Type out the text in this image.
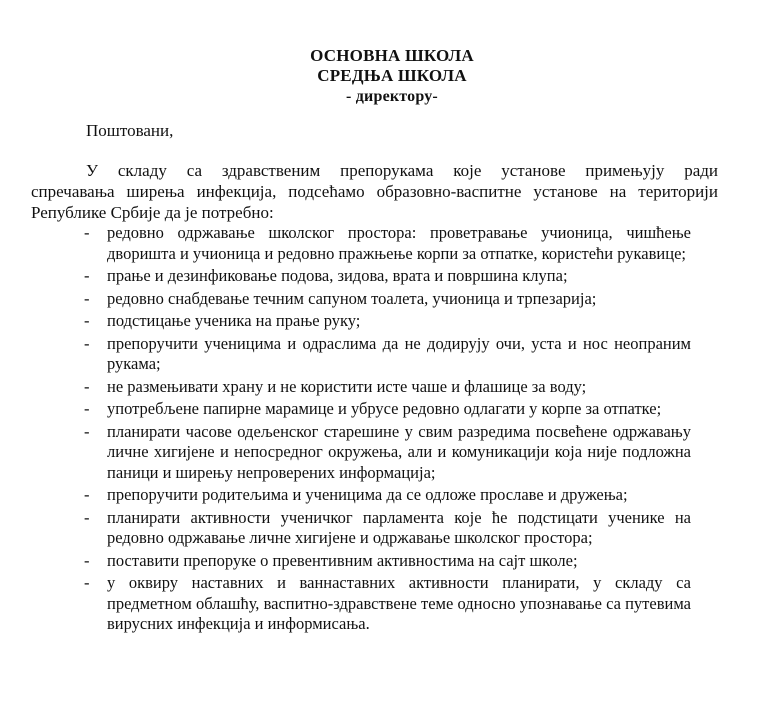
ОСНОВНА ШКОЛА
СРЕДЊА ШКОЛА
- директору-
Поштовани,
У складу са здравственим препорукама које установе примењују ради
спречавања ширења инфекција, подсећамо образовно-васпитне установе на територији Републике Србије да је потребно:
- редовно одржавање школског простора: проветравање учионица, чишћење дворишта и учионица и редовно пражњење корпи за отпатке, користећи рукавице;
- прање и дезинфиковање подова, зидова, врата и површина клупа;
- редовно снабдевање течним сапуном тоалета, учионица и трпезарија;
- подстицање ученика на прање руку;
- препоручити ученицима и одраслима да не додирују очи, уста и нос неопраним рукама;
- не размењивати храну и не користити исте чаше и флашице за воду;
- употребљене папирне марамице и убрусе редовно одлагати у корпе за отпатке;
- планирати часове одељенског старешине у свим разредима посвећене одржавању личне хигијене и непосредног окружења, али и комуникацији која није подложна паници и ширењу непроверених информација;
- препоручити родитељима и ученицима да се одложе прославе и дружења;
- планирати активности ученичког парламента које ће подстицати ученике на редовно одржавање личне хигијене и одржавање школског простора;
- поставити препоруке о превентивним активностима на сајт школе;
- у оквиру наставних и ваннаставних активности планирати, у складу са предметном облашћу, васпитно-здравствене теме односно упознавање са путевима вирусних инфекција и информисања.
